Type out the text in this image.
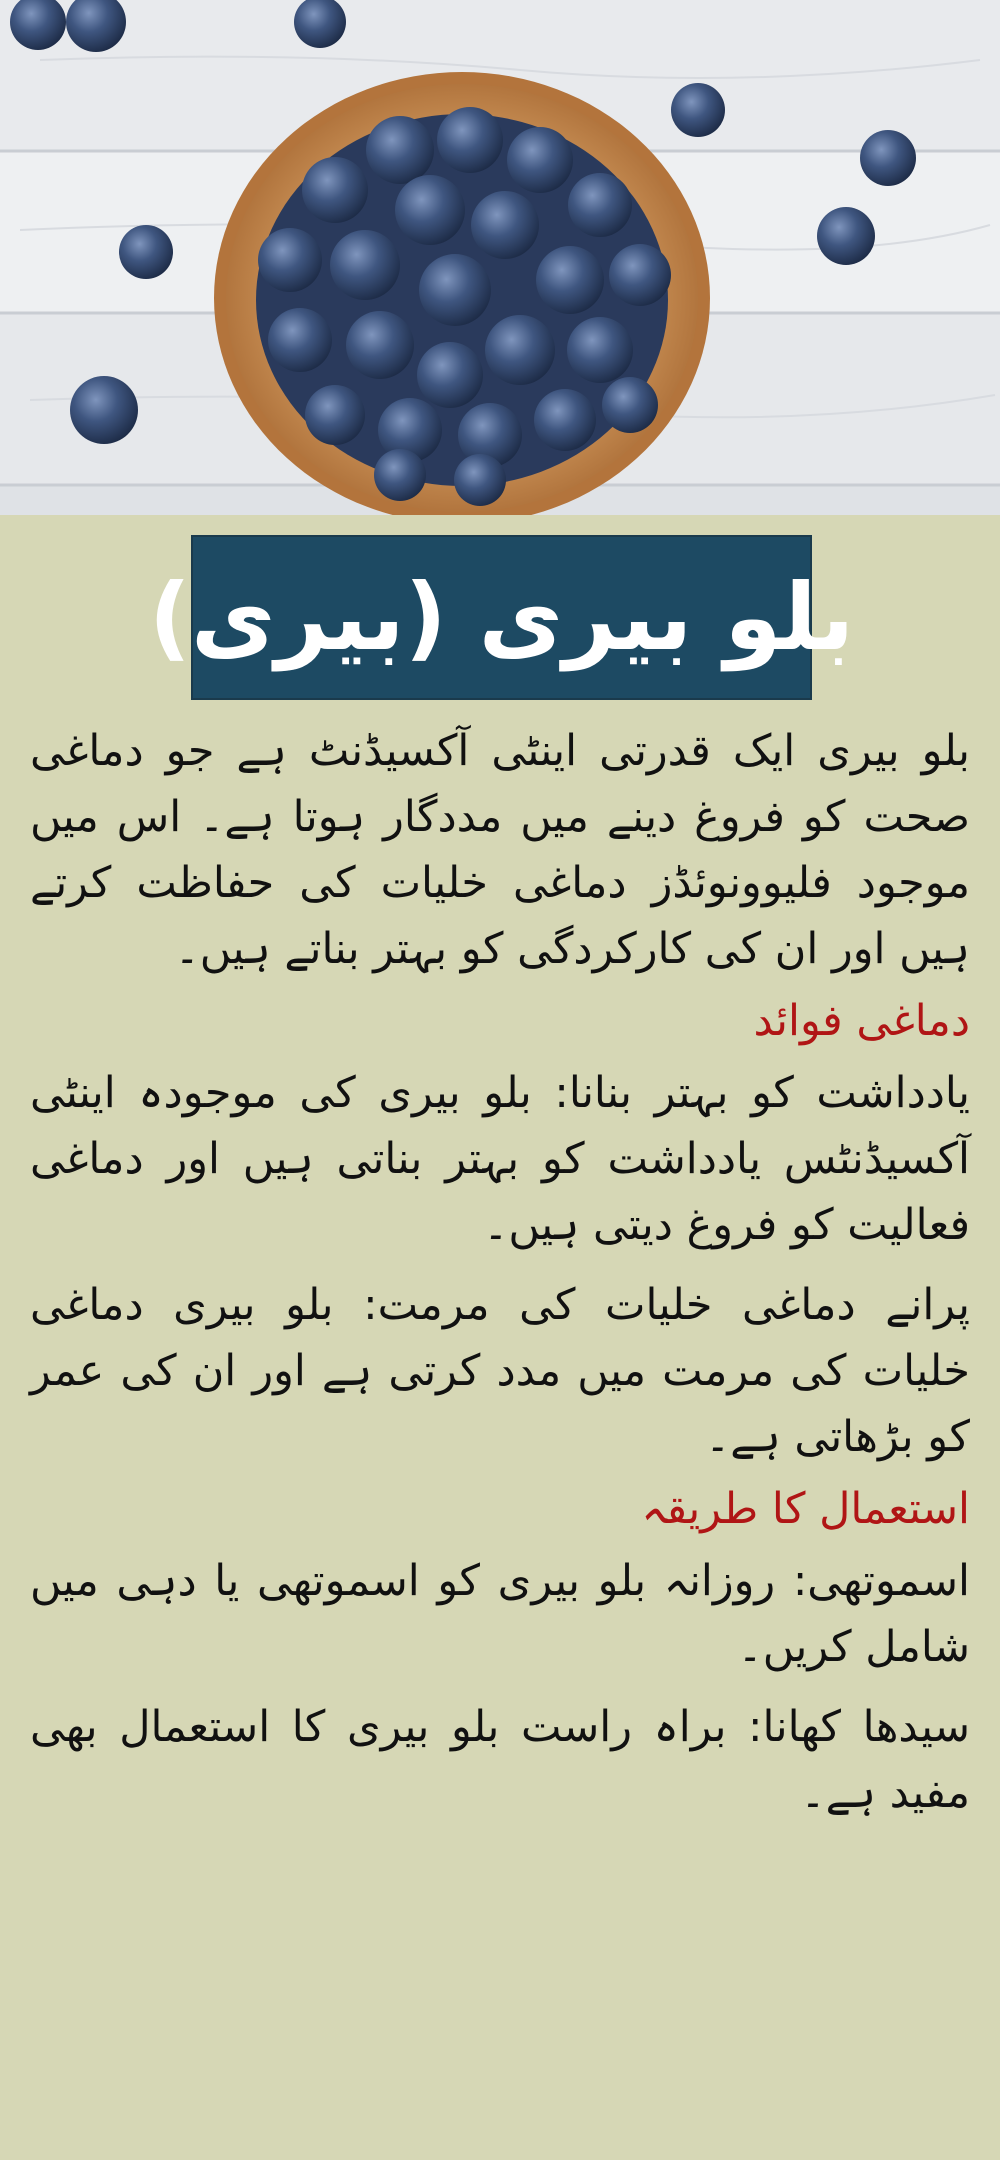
بلو بیری (بیری)

بلو بیری ایک قدرتی اینٹی آکسیڈنٹ ہے جو دماغی صحت کو فروغ دینے میں مددگار ہوتا ہے۔ اس میں موجود فلیوونوئڈز دماغی خلیات کی حفاظت کرتے ہیں اور ان کی کارکردگی کو بہتر بناتے ہیں۔

دماغی فوائد

یادداشت کو بہتر بنانا: بلو بیری کی موجودہ اینٹی آکسیڈنٹس یادداشت کو بہتر بناتی ہیں اور دماغی فعالیت کو فروغ دیتی ہیں۔

پرانے دماغی خلیات کی مرمت: بلو بیری دماغی خلیات کی مرمت میں مدد کرتی ہے اور ان کی عمر کو بڑھاتی ہے۔

استعمال کا طریقہ

اسموتھی: روزانہ بلو بیری کو اسموتھی یا دہی میں شامل کریں۔

سیدھا کھانا: براہ راست بلو بیری کا استعمال بھی مفید ہے۔
